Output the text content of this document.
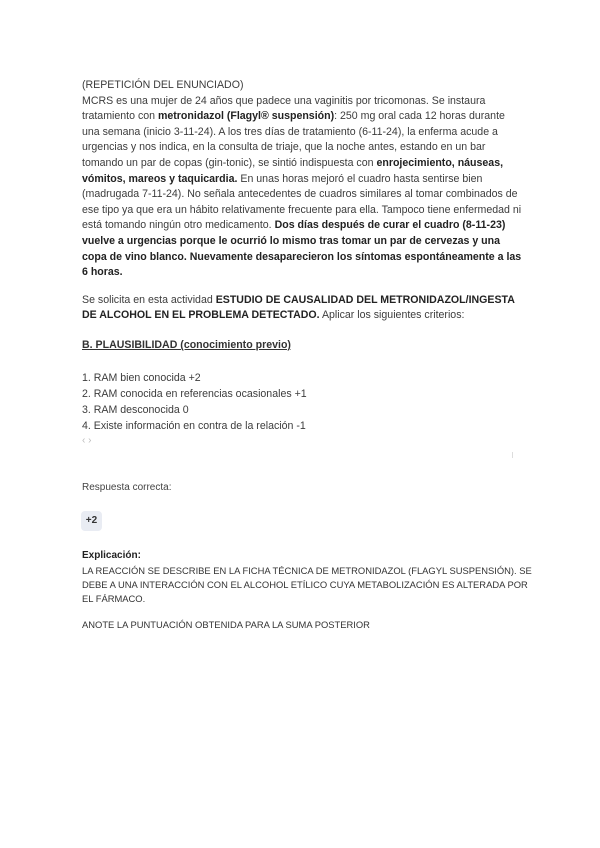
(REPETICIÓN DEL ENUNCIADO)

MCRS es una mujer de 24 años que padece una vaginitis por tricomonas. Se instaura tratamiento con metronidazol (Flagyl® suspensión): 250 mg oral cada 12 horas durante una semana (inicio 3-11-24). A los tres días de tratamiento (6-11-24), la enferma acude a urgencias y nos indica, en la consulta de triaje, que la noche antes, estando en un bar tomando un par de copas (gin-tonic), se sintió indispuesta con enrojecimiento, náuseas, vómitos, mareos y taquicardia. En unas horas mejoró el cuadro hasta sentirse bien (madrugada 7-11-24). No señala antecedentes de cuadros similares al tomar combinados de ese tipo ya que era un hábito relativamente frecuente para ella. Tampoco tiene enfermedad ni está tomando ningún otro medicamento. Dos días después de curar el cuadro (8-11-23) vuelve a urgencias porque le ocurrió lo mismo tras tomar un par de cervezas y una copa de vino blanco. Nuevamente desaparecieron los síntomas espontáneamente a las 6 horas.

Se solicita en esta actividad ESTUDIO DE CAUSALIDAD DEL METRONIDAZOL/INGESTA DE ALCOHOL EN EL PROBLEMA DETECTADO. Aplicar los siguientes criterios:

B. PLAUSIBILIDAD (conocimiento previo)
1. RAM bien conocida +2
2. RAM conocida en referencias ocasionales +1
3. RAM desconocida 0
4. Existe información en contra de la relación -1
‹ ›
Respuesta correcta:
+2
Explicación:

LA REACCIÓN SE DESCRIBE EN LA FICHA TÉCNICA DE METRONIDAZOL (FLAGYL SUSPENSIÓN). SE DEBE A UNA INTERACCIÓN CON EL ALCOHOL ETÍLICO CUYA METABOLIZACIÓN ES ALTERADA POR EL FÁRMACO.

ANOTE LA PUNTUACIÓN OBTENIDA PARA LA SUMA POSTERIOR
